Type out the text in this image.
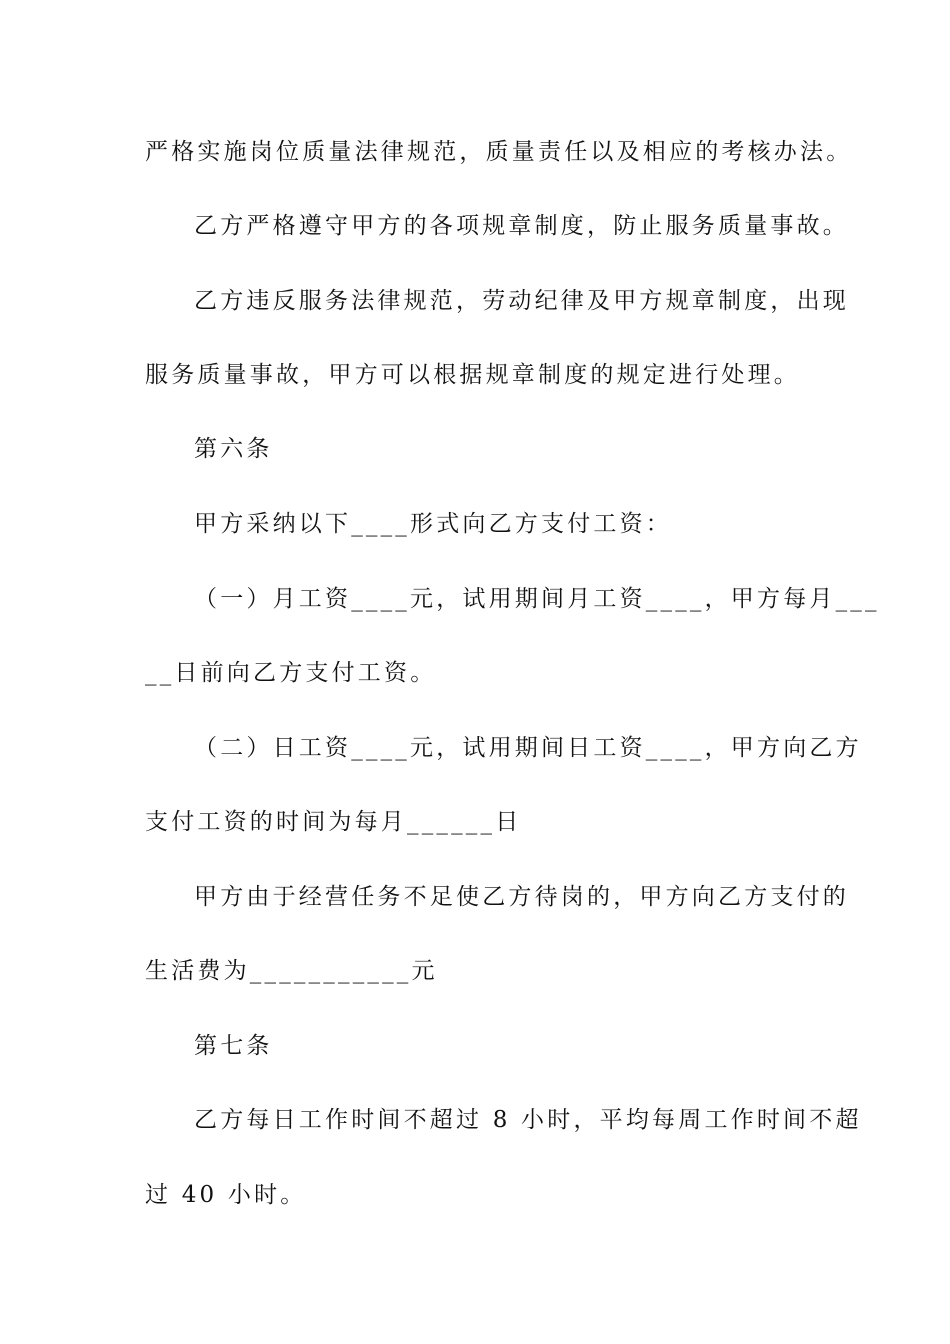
严格实施岗位质量法律规范，质量责任以及相应的考核办法。
乙方严格遵守甲方的各项规章制度，防止服务质量事故。
乙方违反服务法律规范，劳动纪律及甲方规章制度，出现
服务质量事故，甲方可以根据规章制度的规定进行处理。
第六条
甲方采纳以下____形式向乙方支付工资：
（一）月工资____元，试用期间月工资____，甲方每月___
__日前向乙方支付工资。
（二）日工资____元，试用期间日工资____，甲方向乙方
支付工资的时间为每月______日
甲方由于经营任务不足使乙方待岗的，甲方向乙方支付的
生活费为___________元
第七条
乙方每日工作时间不超过 8 小时，平均每周工作时间不超
过 40 小时。
